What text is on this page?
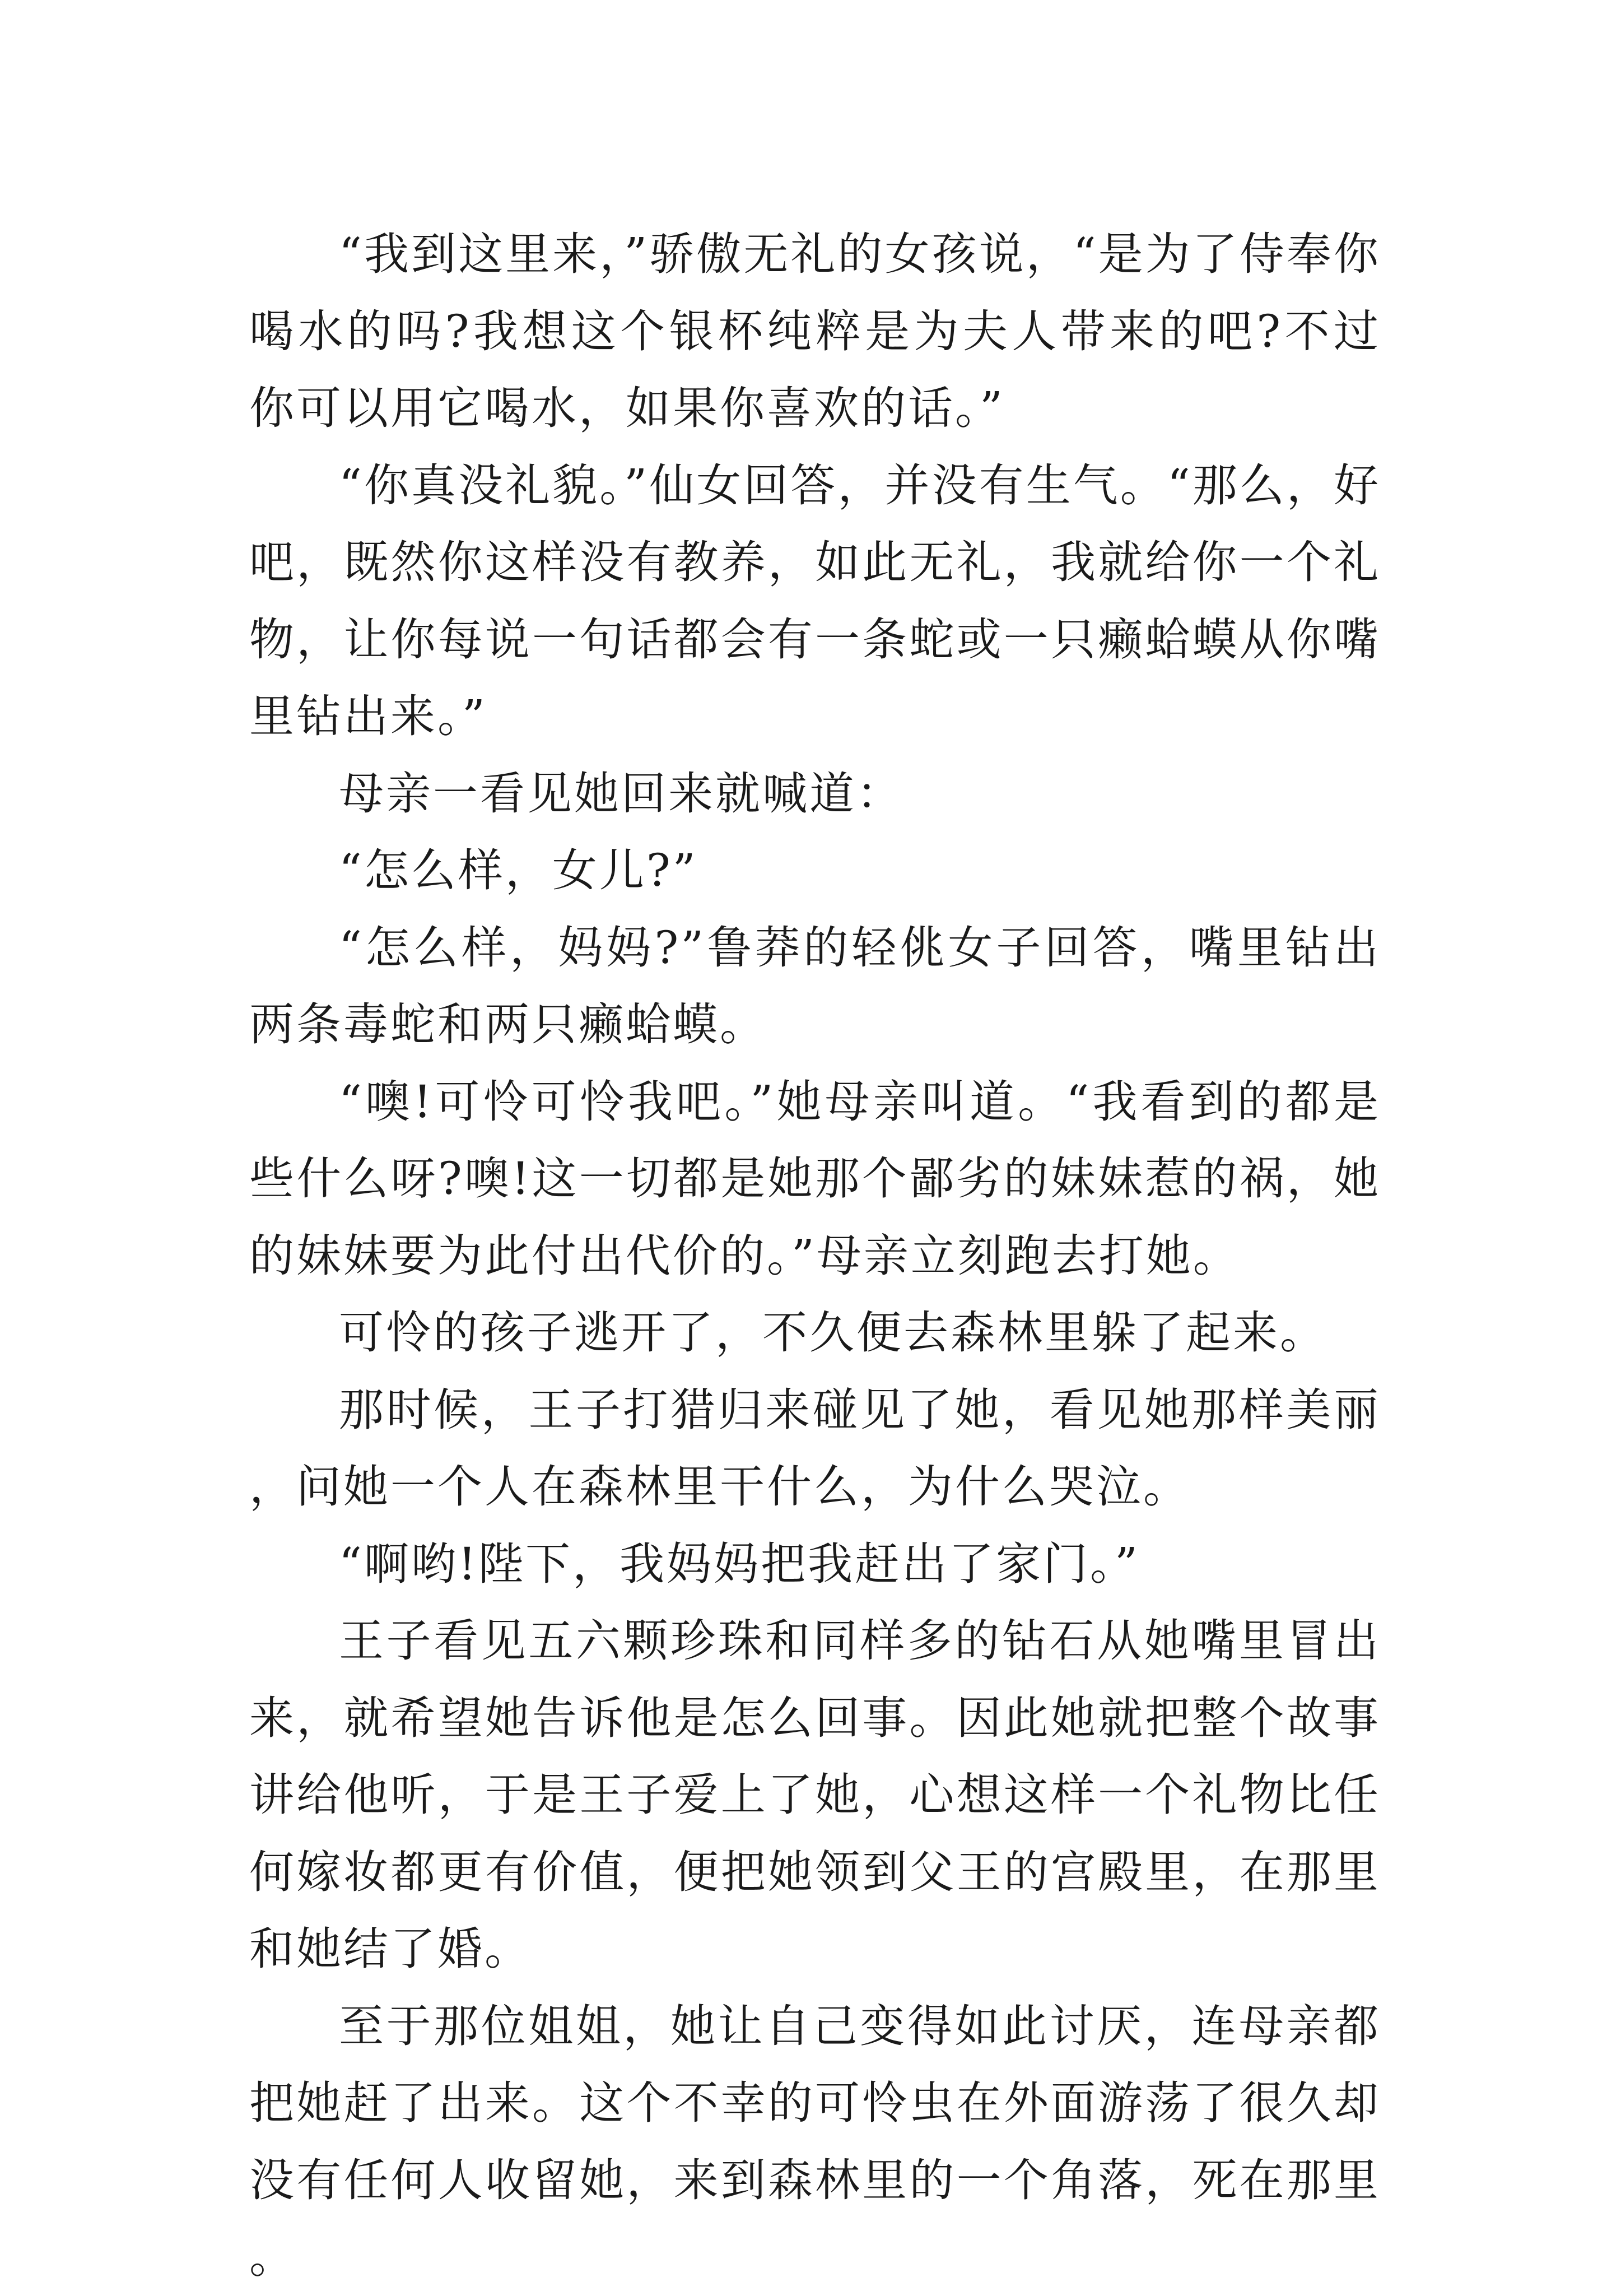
“我到这里来，”骄傲无礼的女孩说，“是为了侍奉你喝水的吗?我想这个银杯纯粹是为夫人带来的吧?不过你可以用它喝水，如果你喜欢的话。”

“你真没礼貌。”仙女回答，并没有生气。“那么，好吧，既然你这样没有教养，如此无礼，我就给你一个礼物，让你每说一句话都会有一条蛇或一只癞蛤蟆从你嘴里钻出来。”

母亲一看见她回来就喊道：

“怎么样，女儿?”

“怎么样，妈妈?”鲁莽的轻佻女子回答，嘴里钻出两条毒蛇和两只癞蛤蟆。

“噢!可怜可怜我吧。”她母亲叫道。“我看到的都是些什么呀?噢!这一切都是她那个鄙劣的妹妹惹的祸，她的妹妹要为此付出代价的。”母亲立刻跑去打她。

可怜的孩子逃开了，不久便去森林里躲了起来。

那时候，王子打猎归来碰见了她，看见她那样美丽，问她一个人在森林里干什么，为什么哭泣。

“啊哟!陛下，我妈妈把我赶出了家门。”

王子看见五六颗珍珠和同样多的钻石从她嘴里冒出来，就希望她告诉他是怎么回事。因此她就把整个故事讲给他听，于是王子爱上了她，心想这样一个礼物比任何嫁妆都更有价值，便把她领到父王的宫殿里，在那里和她结了婚。

至于那位姐姐，她让自己变得如此讨厌，连母亲都把她赶了出来。这个不幸的可怜虫在外面游荡了很久却没有任何人收留她，来到森林里的一个角落，死在那里。
